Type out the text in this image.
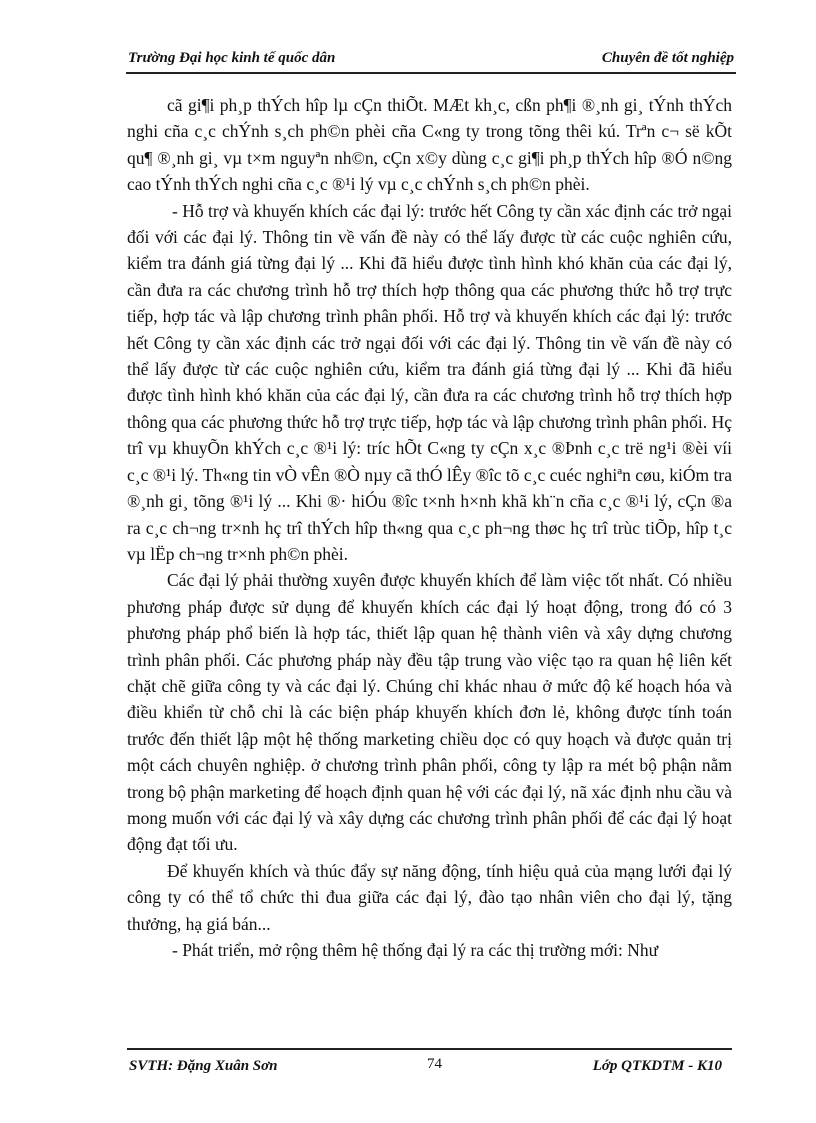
Trường Đại học kinh tế quốc dân	Chuyên đề tốt nghiệp

cã gi¶i ph¸p thÝch hîp lµ cÇn thiÕt. MÆt kh¸c, cßn ph¶i ®¸nh gi¸ tÝnh thÝch nghi cña c¸c chÝnh s¸ch ph©n phèi cña C«ng ty trong tõng thêi kú. Trªn c¬ së kÕt qu¶ ®¸nh gi¸ vµ t×m nguyªn nh©n, cÇn x©y dùng c¸c gi¶i ph¸p thÝch hîp ®Ó n©ng cao tÝnh thÝch nghi cña c¸c ®¹i lý vµ c¸c chÝnh s¸ch ph©n phèi.

- Hỗ trợ và khuyến khích các đại lý: trước hết Công ty cần xác định các trở ngại đối với các đại lý. Thông tin về vấn đề này có thể lấy được từ các cuộc nghiên cứu, kiểm tra đánh giá từng đại lý ... Khi đã hiểu được tình hình khó khăn của các đại lý, cần đưa ra các chương trình hỗ trợ thích hợp thông qua các phương thức hỗ trợ trực tiếp, hợp tác và lập chương trình phân phối. Hỗ trợ và khuyến khích các đại lý: trước hết Công ty cần xác định các trở ngại đối với các đại lý. Thông tin về vấn đề này có thể lấy được từ các cuộc nghiên cứu, kiểm tra đánh giá từng đại lý ... Khi đã hiểu được tình hình khó khăn của các đại lý, cần đưa ra các chương trình hỗ trợ thích hợp thông qua các phương thức hỗ trợ trực tiếp, hợp tác và lập chương trình phân phối. Hç trî vµ khuyÕn khÝch c¸c ®¹i lý: tríc hÕt C«ng ty cÇn x¸c ®Þnh c¸c trë ng¹i ®èi víi c¸c ®¹i lý. Th«ng tin vÒ vÊn ®Ò nµy cã thÓ lÊy ®îc tõ c¸c cuéc nghiªn cøu, kiÓm tra ®¸nh gi¸ tõng ®¹i lý ... Khi ®· hiÓu ®îc t×nh h×nh khã kh¨n cña c¸c ®¹i lý, cÇn ®a ra c¸c ch¬ng tr×nh hç trî thÝch hîp th«ng qua c¸c ph¬ng thøc hç trî trùc tiÕp, hîp t¸c vµ lËp ch¬ng tr×nh ph©n phèi.

Các đại lý phải thường xuyên được khuyến khích để làm việc tốt nhất. Có nhiều phương pháp được sử dụng để khuyến khích các đại lý hoạt động, trong đó có 3 phương pháp phổ biến là hợp tác, thiết lập quan hệ thành viên và xây dựng chương trình phân phối. Các phương pháp này đều tập trung vào việc tạo ra quan hệ liên kết chặt chẽ giữa công ty và các đại lý. Chúng chỉ khác nhau ở mức độ kế hoạch hóa và điều khiển từ chỗ chỉ là các biện pháp khuyến khích đơn lẻ, không được tính toán trước đến thiết lập một hệ thống marketing chiều dọc có quy hoạch và được quản trị một cách chuyên nghiệp. ở chương trình phân phối, công ty lập ra mét bộ phận nằm trong bộ phận marketing để hoạch định quan hệ với các đại lý, nã xác định nhu cầu và mong muốn với các đại lý và xây dựng các chương trình phân phối để các đại lý hoạt động đạt tối ưu.

Để khuyến khích và thúc đẩy sự năng động, tính hiệu quả của mạng lưới đại lý công ty có thể tổ chức thi đua giữa các đại lý, đào tạo nhân viên cho đại lý, tặng thưởng, hạ giá bán...

- Phát triển, mở rộng thêm hệ thống đại lý ra các thị trường mới: Như

SVTH: Đặng Xuân Sơn	74	Lớp QTKDTM - K10
